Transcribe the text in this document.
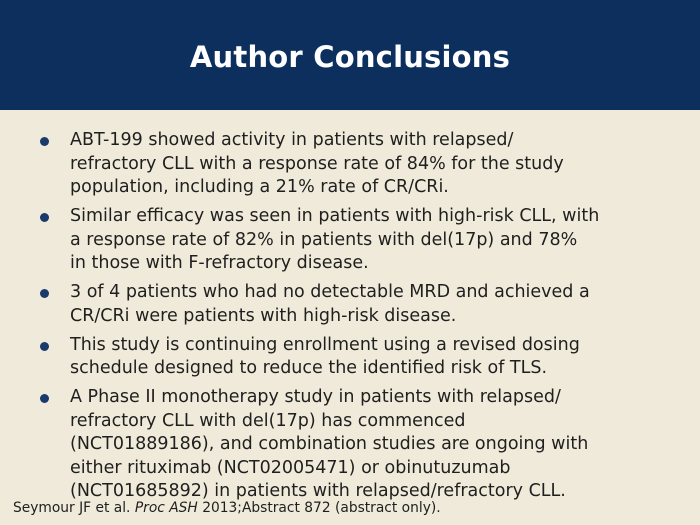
Author Conclusions
ABT-199 showed activity in patients with relapsed/
refractory CLL with a response rate of 84% for the study
population, including a 21% rate of CR/CRi.
Similar efficacy was seen in patients with high-risk CLL, with
a response rate of 82% in patients with del(17p) and 78%
in those with F-refractory disease.
3 of 4 patients who had no detectable MRD and achieved a
CR/CRi were patients with high-risk disease.
This study is continuing enrollment using a revised dosing
schedule designed to reduce the identified risk of TLS.
A Phase II monotherapy study in patients with relapsed/
refractory CLL with del(17p) has commenced
(NCT01889186), and combination studies are ongoing with
either rituximab (NCT02005471) or obinutuzumab
(NCT01685892) in patients with relapsed/refractory CLL.
Seymour JF et al. Proc ASH 2013;Abstract 872 (abstract only).
